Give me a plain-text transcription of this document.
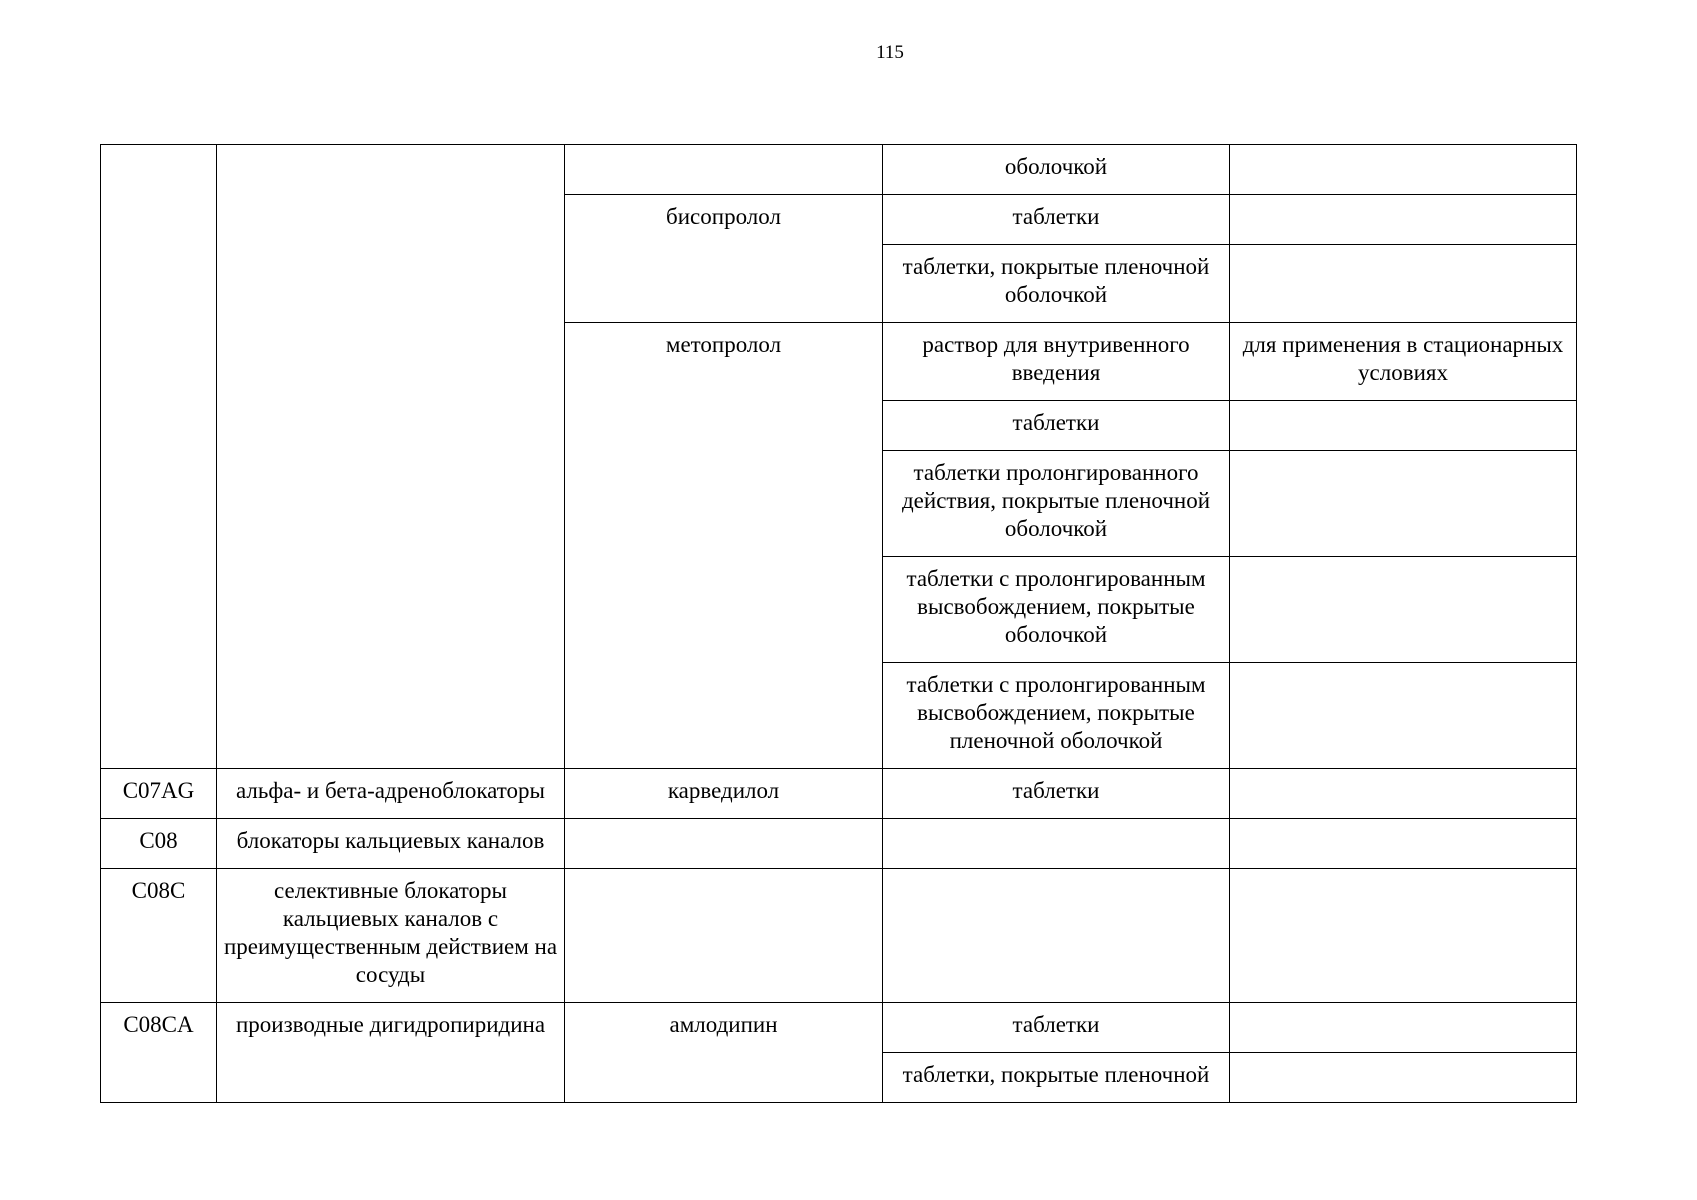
115
			оболочкой	
		бисопролол	таблетки	
			таблетки, покрытые пленочной оболочкой	
		метопролол	раствор для внутривенного введения	для применения в стационарных условиях
			таблетки	
			таблетки пролонгированного действия, покрытые пленочной оболочкой	
			таблетки с пролонгированным высвобождением, покрытые оболочкой	
			таблетки с пролонгированным высвобождением, покрытые пленочной оболочкой	
C07AG	альфа- и бета-адреноблокаторы	карведилол	таблетки	
C08	блокаторы кальциевых каналов			
C08C	селективные блокаторы кальциевых каналов с преимущественным действием на сосуды			
C08CA	производные дигидропиридина	амлодипин	таблетки	
			таблетки, покрытые пленочной	
